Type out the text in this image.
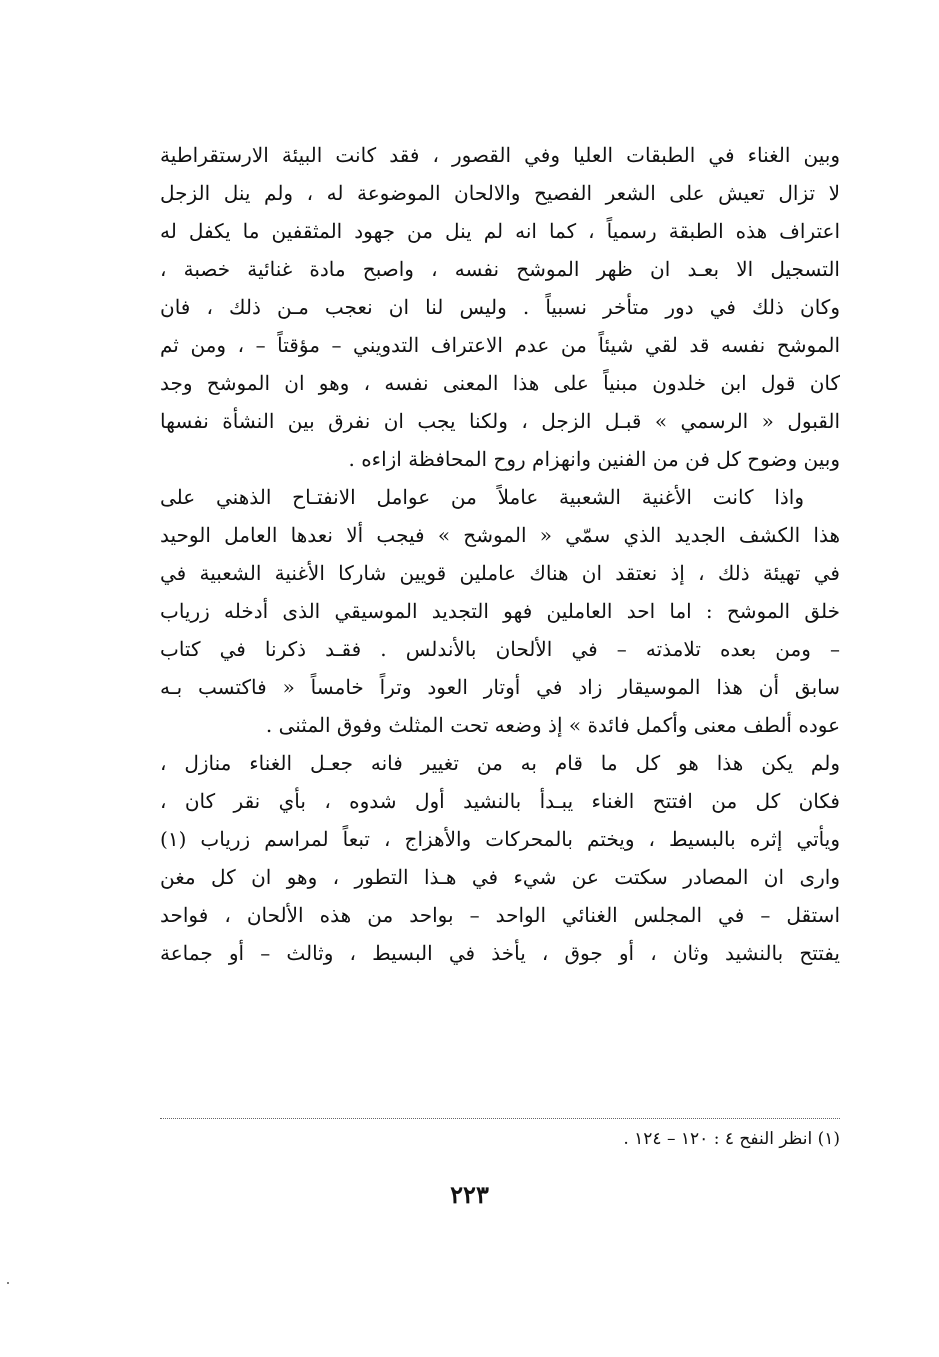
وبين الغناء في الطبقات العليا وفي القصور ، فقد كانت البيئة الارستقراطية
لا تزال تعيش على الشعر الفصيح والالحان الموضوعة له ، ولم ينل الزجل
اعتراف هذه الطبقة رسمياً ، كما انه لم ينل من جهود المثقفين ما يكفل له
التسجيل الا بعـد ان ظهر الموشح نفسه ، واصبح مادة غنائية خصبة ،
وكان ذلك في دور متأخر نسبياً . وليس لنا ان نعجب مـن ذلك ، فان
الموشح نفسه قد لقي شيئاً من عدم الاعتراف التدويني – مؤقتاً – ، ومن ثم
كان قول ابن خلدون مبنياً على هذا المعنى نفسه ، وهو ان الموشح وجد
القبول « الرسمي » قبـل الزجل ، ولكنا يجب ان نفرق بين النشأة نفسها
وبين وضوح كل فن من الفنين وانهزام روح المحافظة ازاءه .
واذا كانت الأغنية الشعبية عاملاً من عوامل الانفتـاح الذهني على
هذا الكشف الجديد الذي سمّي « الموشح » فيجب ألا نعدها العامل الوحيد
في تهيئة ذلك ، إذ نعتقد ان هناك عاملين قويين شاركا الأغنية الشعبية في
خلق الموشح : اما احد العاملين فهو التجديد الموسيقي الذى أدخله زرياب
– ومن بعده تلامذته – في الألحان بالأندلس . فقـد ذكرنا في كتاب
سابق أن هذا الموسيقار زاد في أوتار العود وتراً خامساً « فاكتسب بـه
عوده ألطف معنى وأكمل فائدة » إذ وضعه تحت المثلث وفوق المثنى .
ولم يكن هذا هو كل ما قام به من تغيير فانه جعـل الغناء منازل ،
فكان كل من افتتح الغناء يبـدأ بالنشيد أول شدوه ، بأي نقر كان ،
ويأتي إثره بالبسيط ، ويختم بالمحركات والأهزاج ، تبعاً لمراسم زرياب (١)
وارى ان المصادر سكتت عن شيء في هـذا التطور ، وهو ان كل مغن
استقل – في المجلس الغنائي الواحد – بواحد من هذه الألحان ، فواحد
يفتتح بالنشيد وثان ، أو جوق ، يأخذ في البسيط ، وثالث – أو جماعة
(١) انظر النفح ٤ : ١٢٠ – ١٢٤ .
٢٢٣
